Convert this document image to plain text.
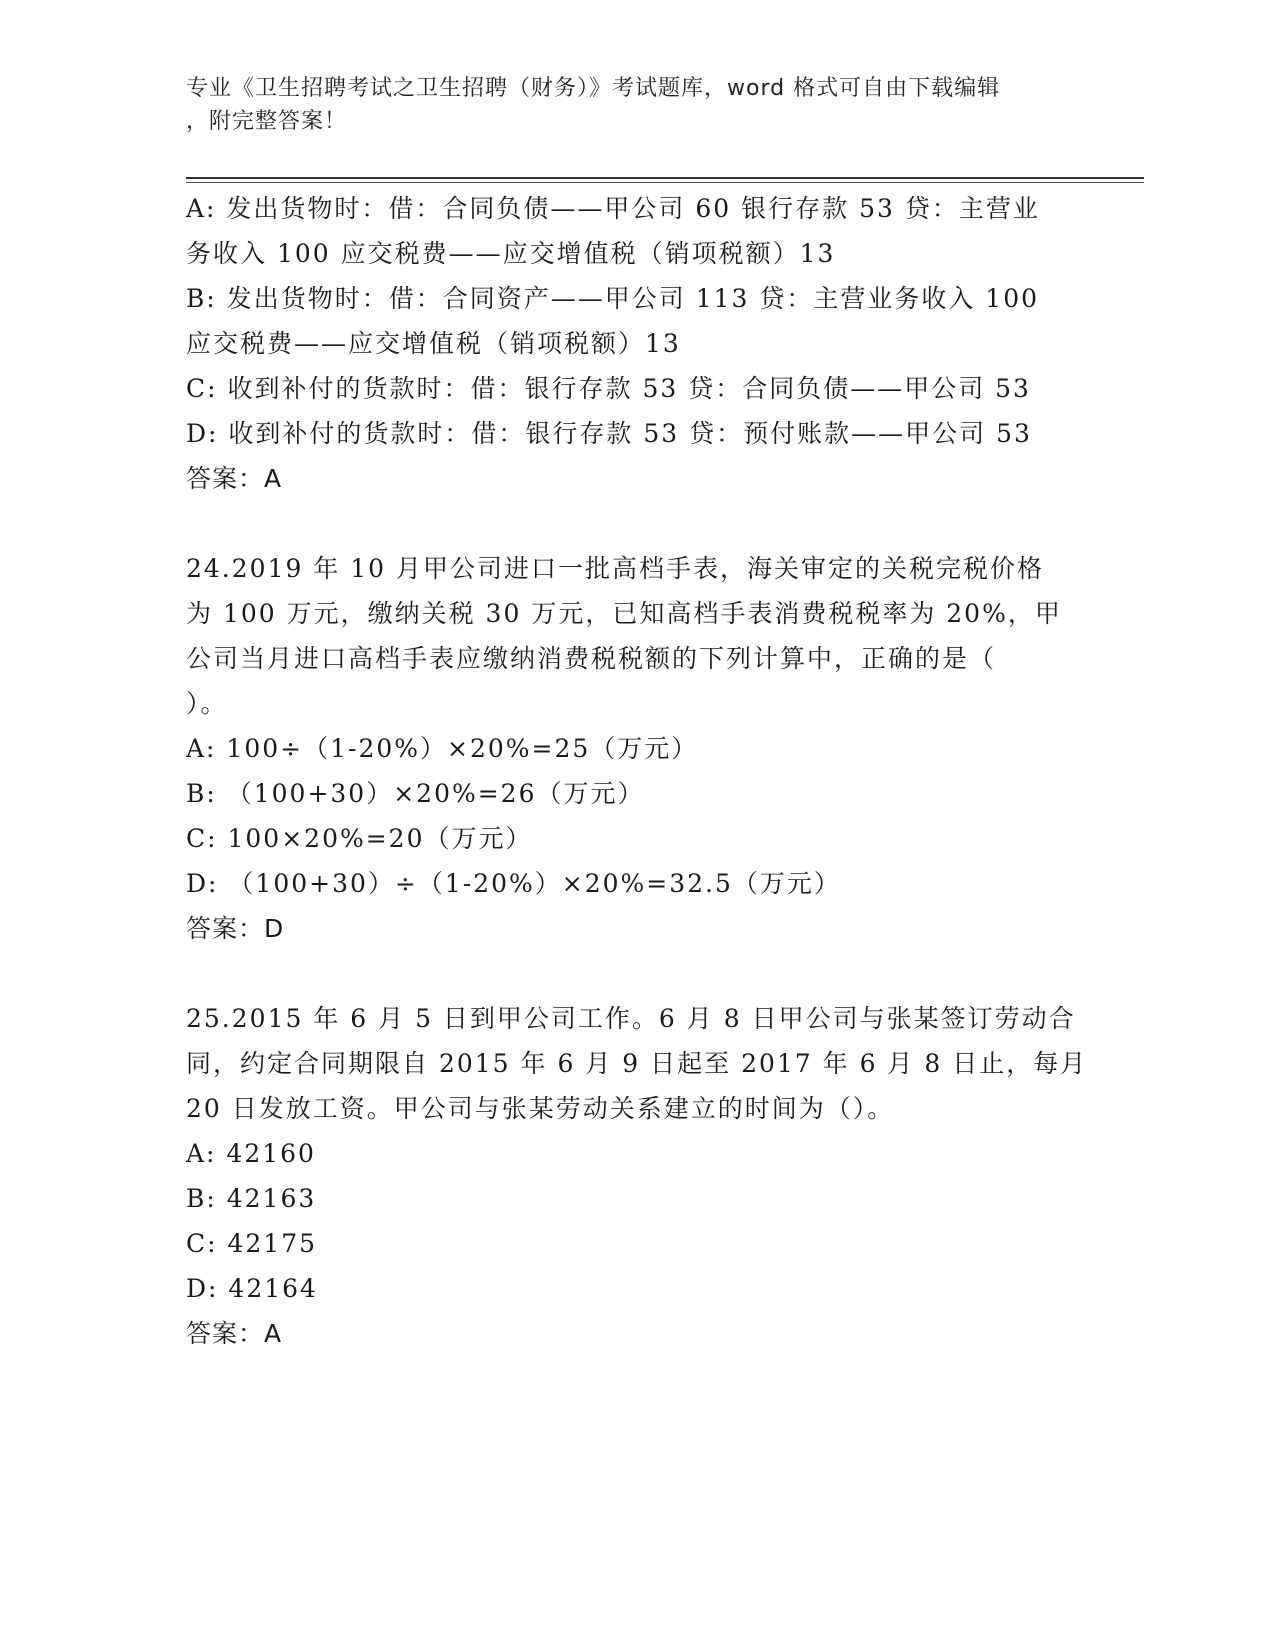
专业《卫生招聘考试之卫生招聘（财务）》考试题库，word 格式可自由下载编辑
，附完整答案！
A: 发出货物时：借：合同负债——甲公司 60 银行存款 53 贷：主营业
务收入 100 应交税费——应交增值税（销项税额）13
B: 发出货物时：借：合同资产——甲公司 113 贷：主营业务收入 100
应交税费——应交增值税（销项税额）13
C: 收到补付的货款时：借：银行存款 53 贷：合同负债——甲公司 53
D: 收到补付的货款时：借：银行存款 53 贷：预付账款——甲公司 53
答案：A
24.2019 年 10 月甲公司进口一批高档手表，海关审定的关税完税价格
为 100 万元，缴纳关税 30 万元，已知高档手表消费税税率为 20%，甲
公司当月进口高档手表应缴纳消费税税额的下列计算中，正确的是（
）。
A: 100÷（1-20%）×20%=25（万元）
B: （100+30）×20%=26（万元）
C: 100×20%=20（万元）
D: （100+30）÷（1-20%）×20%=32.5（万元）
答案：D
25.2015 年 6 月 5 日到甲公司工作。6 月 8 日甲公司与张某签订劳动合
同，约定合同期限自 2015 年 6 月 9 日起至 2017 年 6 月 8 日止，每月
20 日发放工资。甲公司与张某劳动关系建立的时间为（）。
A: 42160
B: 42163
C: 42175
D: 42164
答案：A
